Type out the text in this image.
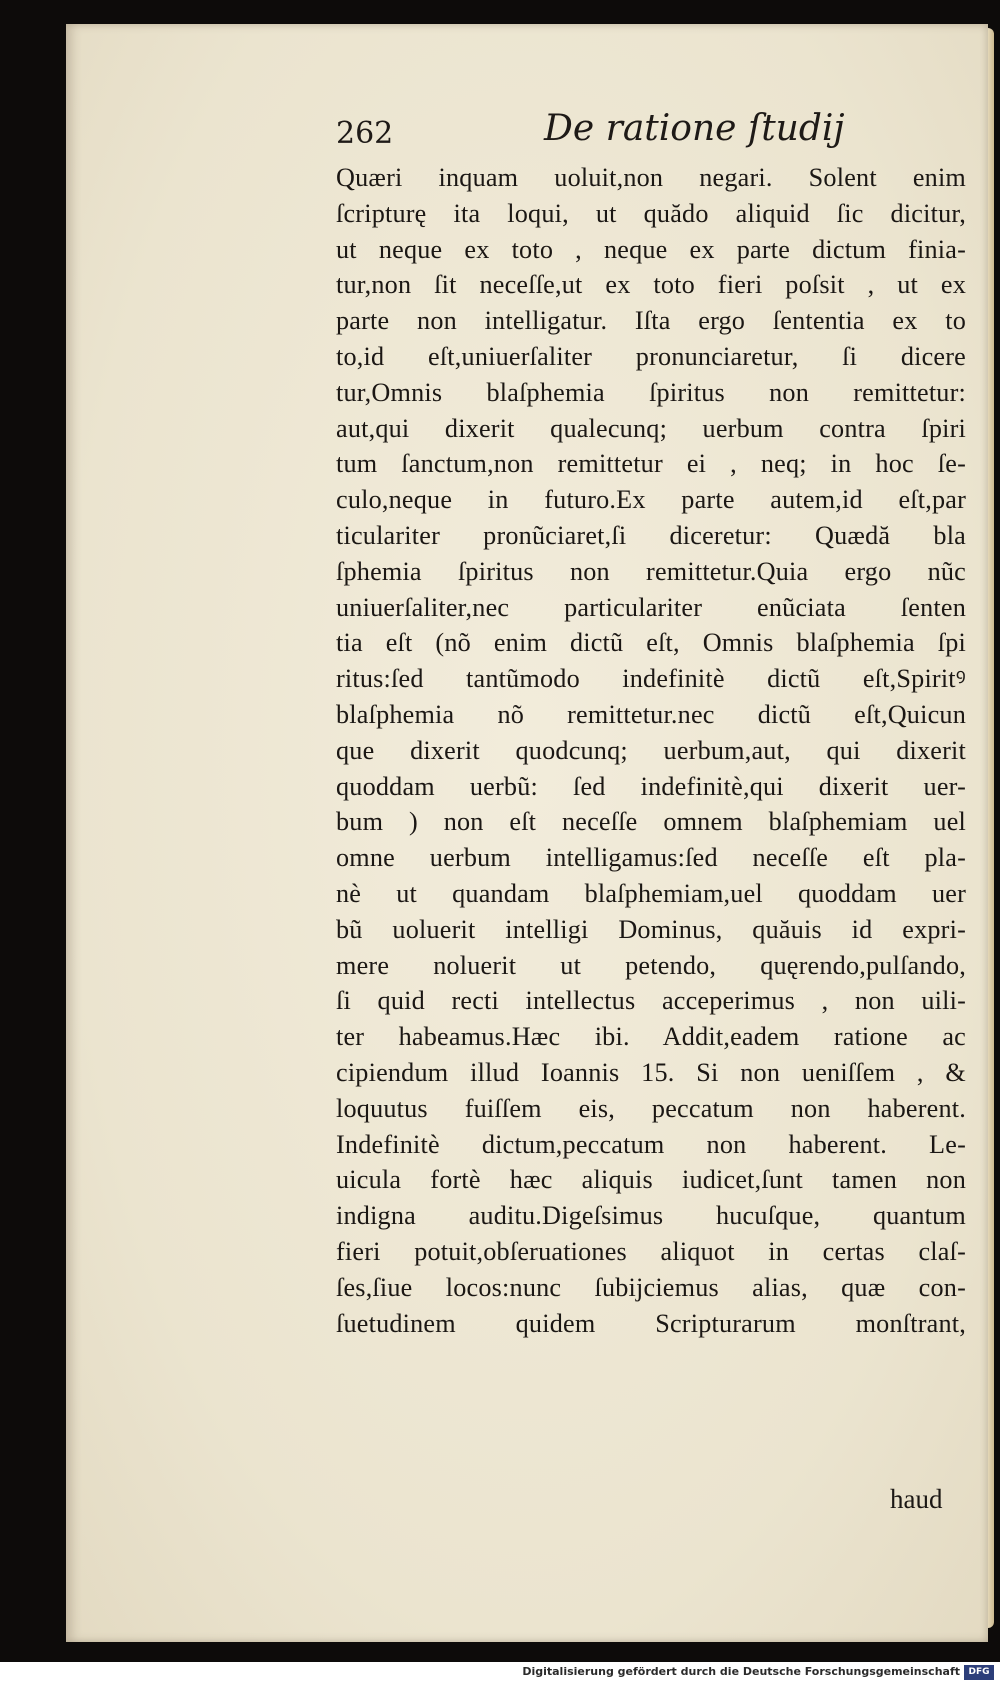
262	De ratione ſtudij
Quæri inquam uoluit,non negari. Solent enim
ſcripturę ita loqui, ut quădo aliquid ſic dicitur,
ut neque ex toto , neque ex parte dictum finia-
tur,non ſit neceſſe,ut ex toto fieri poſsit , ut ex
parte non intelligatur. Iſta ergo ſententia ex to
to,id eſt,uniuerſaliter pronunciaretur, ſi dicere
tur,Omnis blaſphemia ſpiritus non remittetur:
aut,qui dixerit qualecunq; uerbum contra ſpiri
tum ſanctum,non remittetur ei , neq; in hoc ſe-
culo,neque in futuro.Ex parte autem,id eſt,par
ticulariter pronũciaret,ſi diceretur: Quædă bla
ſphemia ſpiritus non remittetur.Quia ergo nũc
uniuerſaliter,nec particulariter enũciata ſenten
tia eſt (nõ enim dictũ eſt, Omnis blaſphemia ſpi
ritus:ſed tantũmodo indefinitè dictũ eſt,Spiritꝰ
blaſphemia nõ remittetur.nec dictũ eſt,Quicun
que dixerit quodcunq; uerbum,aut, qui dixerit
quoddam uerbũ: ſed indefinitè,qui dixerit uer-
bum ) non eſt neceſſe omnem blaſphemiam uel
omne uerbum intelligamus:ſed neceſſe eſt pla-
nè ut quandam blaſphemiam,uel quoddam uer
bũ uoluerit intelligi Dominus, quăuis id expri-
mere noluerit ut petendo, quęrendo,pulſando,
ſi quid recti intellectus acceperimus , non uili-
ter habeamus.Hæc ibi. Addit,eadem ratione ac
cipiendum illud Ioannis 15. Si non ueniſſem , &
loquutus fuiſſem eis, peccatum non haberent.
Indefinitè dictum,peccatum non haberent. Le-
uicula fortè hæc aliquis iudicet,ſunt tamen non
indigna auditu.Digeſsimus hucuſque, quantum
fieri potuit,obſeruationes aliquot in certas claſ-
ſes,ſiue locos:nunc ſubijciemus alias, quæ con-
ſuetudinem quidem Scripturarum monſtrant,
haud
Digitalisierung gefördert durch die Deutsche Forschungsgemeinschaft DFG
